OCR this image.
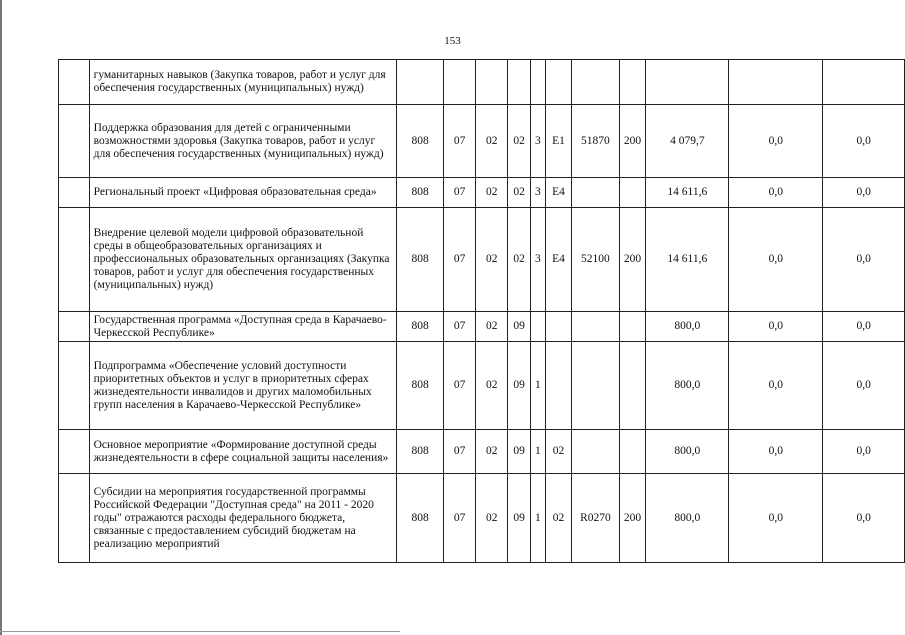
153
	гуманитарных навыков (Закупка товаров, работ и услуг для обеспечения государственных (муниципальных) нужд)											
	Поддержка образования для детей с ограниченными возможностями здоровья (Закупка товаров, работ и услуг для обеспечения государственных (муниципальных) нужд)	808	07	02	02	3	E1	51870	200	4 079,7	0,0	0,0
	Региональный проект «Цифровая образовательная среда»	808	07	02	02	3	E4			14 611,6	0,0	0,0
	Внедрение целевой модели цифровой образовательной среды в общеобразовательных организациях и профессиональных образовательных организациях (Закупка товаров, работ и услуг для обеспечения государственных (муниципальных) нужд)	808	07	02	02	3	E4	52100	200	14 611,6	0,0	0,0
	Государственная программа «Доступная среда в Карачаево-Черкесской Республике»	808	07	02	09					800,0	0,0	0,0
	Подпрограмма «Обеспечение условий доступности приоритетных объектов и услуг в приоритетных сферах жизнедеятельности инвалидов и других маломобильных групп населения в Карачаево-Черкесской Республике»	808	07	02	09	1				800,0	0,0	0,0
	Основное мероприятие «Формирование доступной среды жизнедеятельности в сфере социальной защиты населения»	808	07	02	09	1	02			800,0	0,0	0,0
	Субсидии на мероприятия государственной программы Российской Федерации "Доступная среда" на 2011 - 2020 годы" отражаются расходы федерального бюджета, связанные с предоставлением субсидий бюджетам на реализацию мероприятий	808	07	02	09	1	02	R0270	200	800,0	0,0	0,0
